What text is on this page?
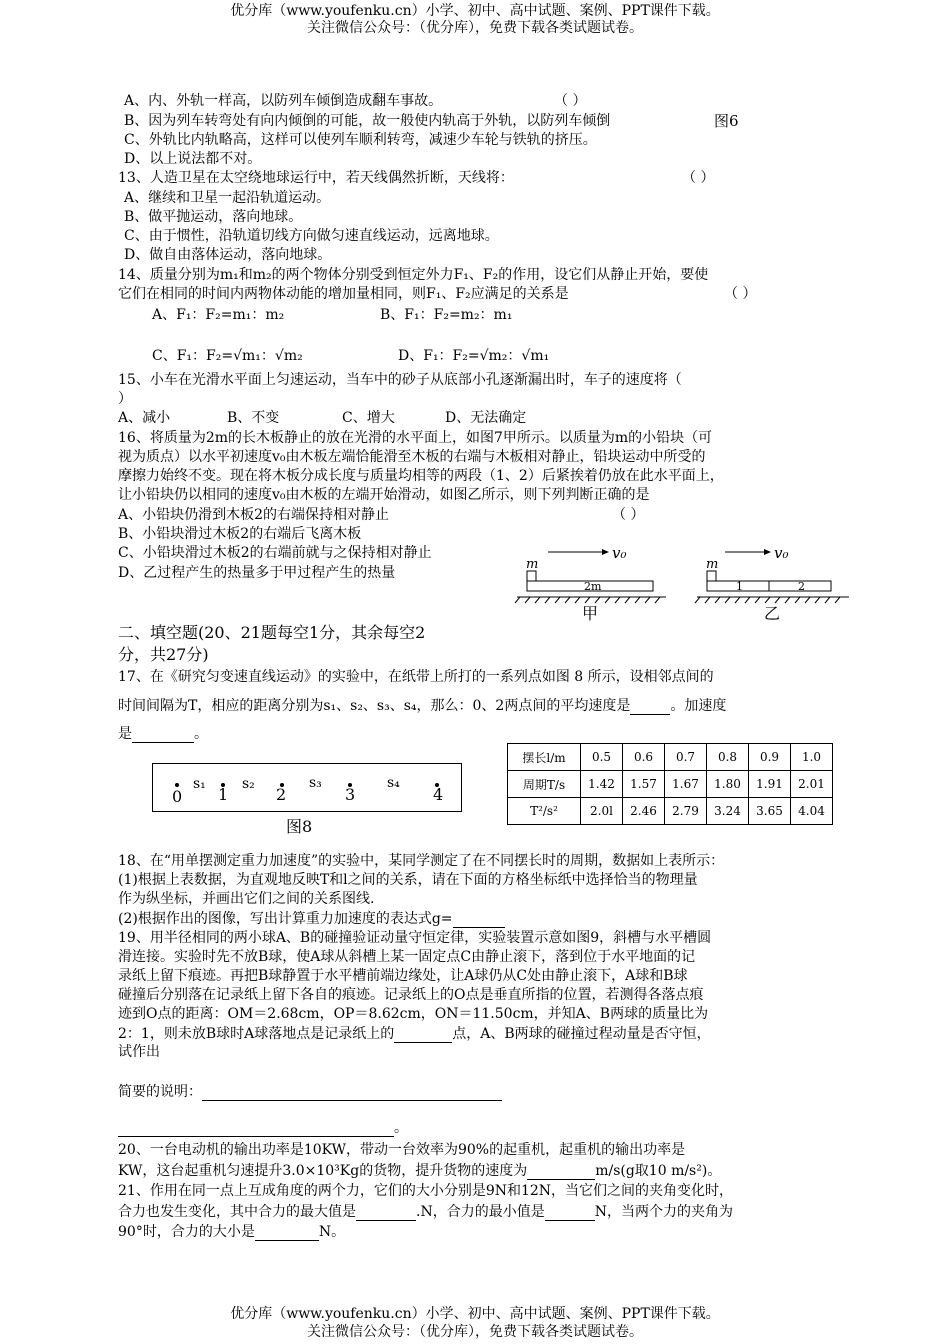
优分库（www.youfenku.cn）小学、初中、高中试题、案例、PPT课件下载。
关注微信公众号：（优分库），免费下载各类试题试卷。
A、内、外轨一样高，以防列车倾倒造成翻车事故。	（ ）
B、因为列车转弯处有向内倾倒的可能，故一般使内轨高于外轨，以防列车倾倒	图6
C、外轨比内轨略高，这样可以使列车顺利转弯，减速少车轮与铁轨的挤压。
D、以上说法都不对。
13、人造卫星在太空绕地球运行中，若天线偶然折断，天线将：	（ ）
A、继续和卫星一起沿轨道运动。
B、做平抛运动，落向地球。
C、由于惯性，沿轨道切线方向做匀速直线运动，远离地球。
D、做自由落体运动，落向地球。
14、质量分别为m₁和m₂的两个物体分别受到恒定外力F₁、F₂的作用，设它们从静止开始，要使
它们在相同的时间内两物体动能的增加量相同，则F₁、F₂应满足的关系是	（ ）
A、F₁：F₂=m₁：m₂	B、F₁：F₂=m₂：m₁
C、F₁：F₂=√m₁：√m₂	D、F₁：F₂=√m₂：√m₁
15、小车在光滑水平面上匀速运动，当车中的砂子从底部小孔逐渐漏出时，车子的速度将（
）
A、减小	B、不变	C、增大	D、无法确定
16、将质量为2m的长木板静止的放在光滑的水平面上，如图7甲所示。以质量为m的小铅块（可
视为质点）以水平初速度v₀由木板左端恰能滑至木板的右端与木板相对静止，铅块运动中所受的
摩擦力始终不变。现在将木板分成长度与质量均相等的两段（1、2）后紧挨着仍放在此水平面上，
让小铅块仍以相同的速度v₀由木板的左端开始滑动，如图乙所示，则下列判断正确的是
A、小铅块仍滑到木板2的右端保持相对静止	（ ）
B、小铅块滑过木板2的右端后飞离木板
C、小铅块滑过木板2的右端前就与之保持相对静止
D、乙过程产生的热量多于甲过程产生的热量
v₀
m
2m
甲
v₀
m
1	2
乙
二、填空题(20、21题每空1分，其余每空2
分，共27分)
17、在《研究匀变速直线运动》的实验中，在纸带上所打的一系列点如图 8 所示，设相邻点间的
时间间隔为T，相应的距离分别为s₁、s₂、s₃、s₄，那么：0、2两点间的平均速度是	。加速度
是	。
s₁	s₂	s₃	s₄
0 1	2	3	4
图8
摆长l/m	0.5	0.6	0.7	0.8	0.9	1.0
周期T/s	1.42	1.57	1.67	1.80	1.91	2.01
T²/s²	2.0l	2.46	2.79	3.24	3.65	4.04
18、在“用单摆测定重力加速度”的实验中，某同学测定了在不同摆长时的周期，数据如上表所示：
(1)根据上表数据，为直观地反映T和l之间的关系，请在下面的方格坐标纸中选择恰当的物理量
作为纵坐标，并画出它们之间的关系图线.
(2)根据作出的图像，写出计算重力加速度的表达式g=
19、用半径相同的两小球A、B的碰撞验证动量守恒定律，实验装置示意如图9，斜槽与水平槽圆
滑连接。实验时先不放B球，使A球从斜槽上某一固定点C由静止滚下，落到位于水平地面的记
录纸上留下痕迹。再把B球静置于水平槽前端边缘处，让A球仍从C处由静止滚下，A球和B球
碰撞后分别落在记录纸上留下各自的痕迹。记录纸上的O点是垂直所指的位置，若测得各落点痕
迹到O点的距离：OM＝2.68cm，OP＝8.62cm，ON＝11.50cm，并知A、B两球的质量比为
2：1，则未放B球时A球落地点是记录纸上的	点，A、B两球的碰撞过程动量是否守恒，
试作出
简要的说明：
。
20、一台电动机的输出功率是10KW，带动一台效率为90%的起重机，起重机的输出功率是
KW，这台起重机匀速提升3.0×10³Kg的货物，提升货物的速度为	m/s(g取10 m/s²)。
21、作用在同一点上互成角度的两个力，它们的大小分别是9N和12N，当它们之间的夹角变化时，
合力也发生变化，其中合力的最大值是	.N，合力的最小值是	N，当两个力的夹角为
90°时，合力的大小是	N。
优分库（www.youfenku.cn）小学、初中、高中试题、案例、PPT课件下载。
关注微信公众号：（优分库），免费下载各类试题试卷。
